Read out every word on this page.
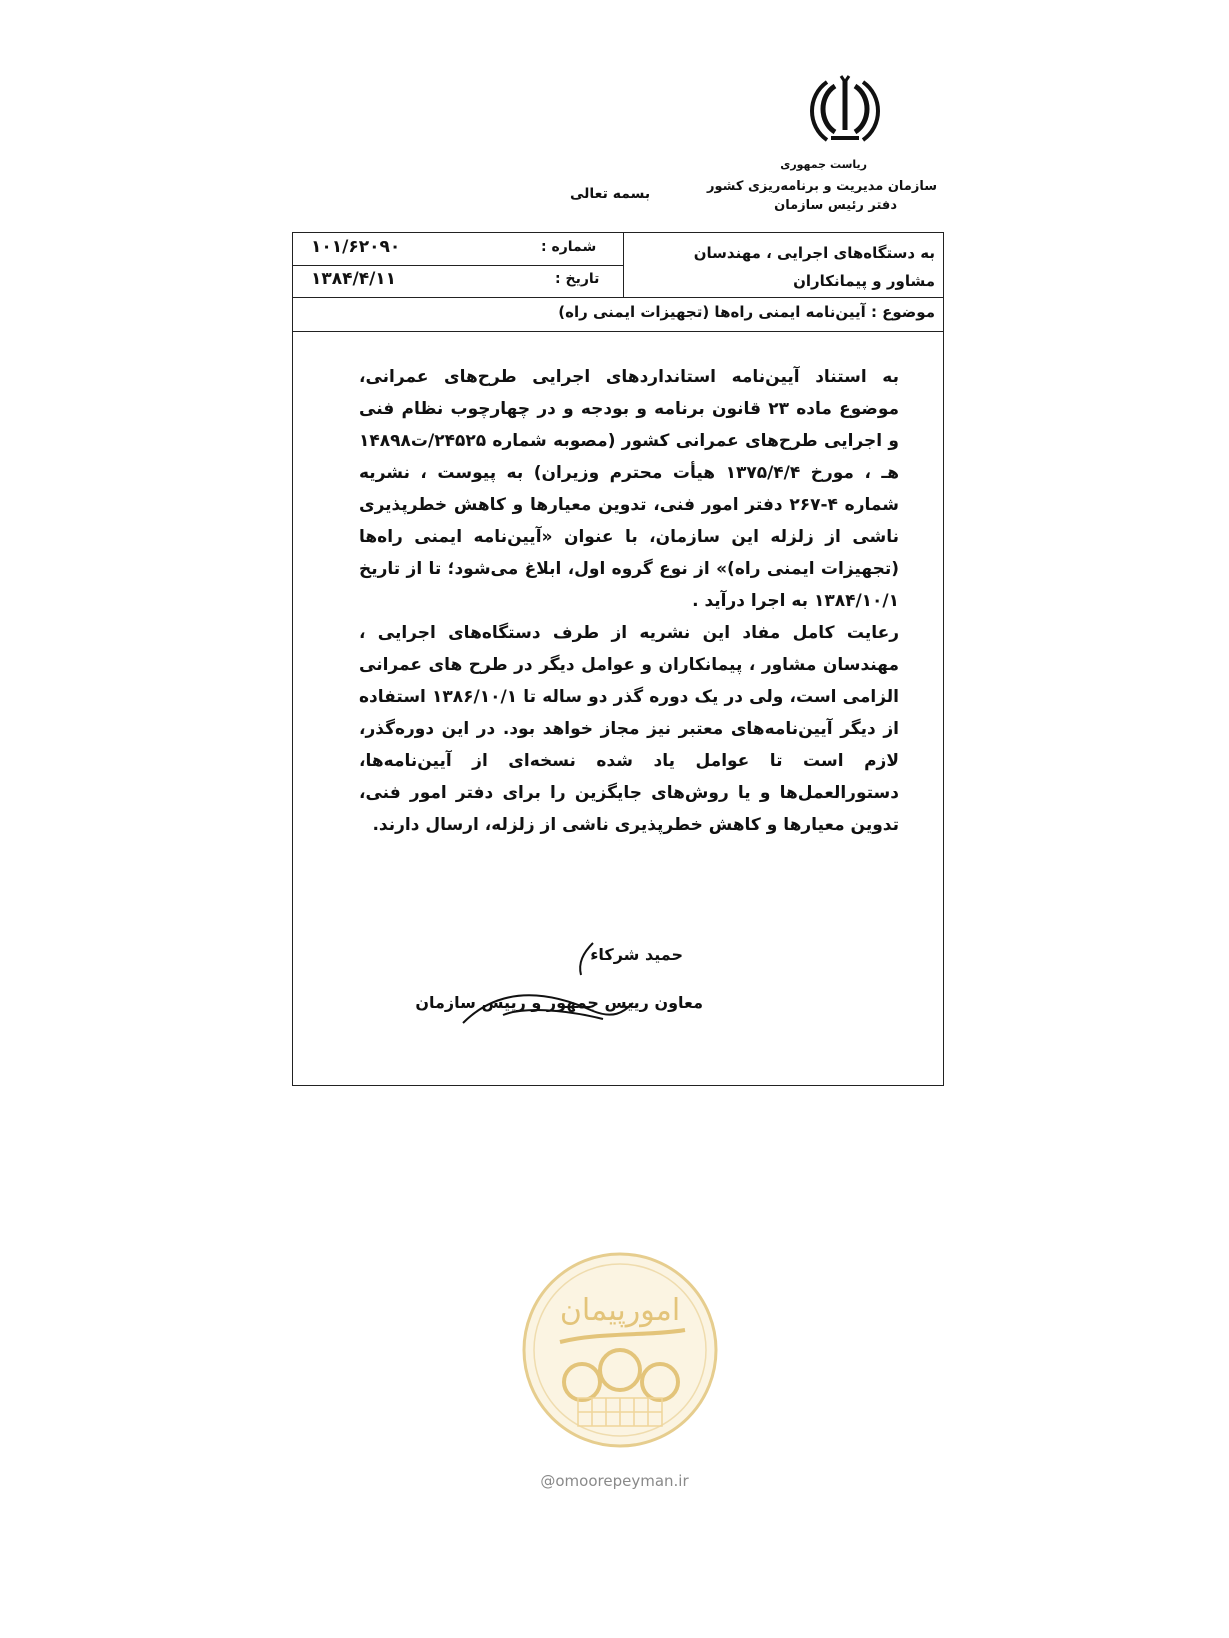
ریاست جمهوری
سازمان مدیریت و برنامه‌ریزی کشور
دفتر رئیس سازمان
بسمه تعالی
به دستگاه‌های اجرایی ، مهندسان مشاور و پیمانکاران
شماره :
۱۰۱/۶۲۰۹۰
تاریخ :
۱۳۸۴/۴/۱۱
موضوع : آیین‌نامه ایمنی راه‌ها (تجهیزات ایمنی راه)

به استناد آیین‌نامه استانداردهای اجرایی طرح‌های عمرانی، موضوع ماده ۲۳ قانون برنامه و بودجه و در چهارچوب نظام فنی و اجرایی طرح‌های عمرانی کشور (مصوبه شماره ۲۴۵۲۵/ت۱۴۸۹۸ هـ ، مورخ ۱۳۷۵/۴/۴ هیأت محترم وزیران) به پیوست ، نشریه شماره ۴-۲۶۷ دفتر امور فنی، تدوین معیارها و کاهش خطرپذیری ناشی از زلزله این سازمان، با عنوان «آیین‌نامه ایمنی راه‌ها (تجهیزات ایمنی راه)» از نوع گروه اول، ابلاغ می‌شود؛ تا از تاریخ ۱۳۸۴/۱۰/۱ به اجرا درآید .

رعایت کامل مفاد این نشریه از طرف دستگاه‌های اجرایی ، مهندسان مشاور ، پیمانکاران و عوامل دیگر در طرح های عمرانی الزامی است، ولی در یک دوره گذر دو ساله تا ۱۳۸۶/۱۰/۱ استفاده از دیگر آیین‌نامه‌های معتبر نیز مجاز خواهد بود. در این دوره‌گذر، لازم است تا عوامل یاد شده نسخه‌ای از آیین‌نامه‌ها، دستورالعمل‌ها و یا روش‌های جایگزین را برای دفتر امور فنی، تدوین معیارها و کاهش خطرپذیری ناشی از زلزله، ارسال دارند.

حمید شرکاء
معاون رییس جمهور و رییس سازمان
امورپیمان
@omoorepeyman.ir
